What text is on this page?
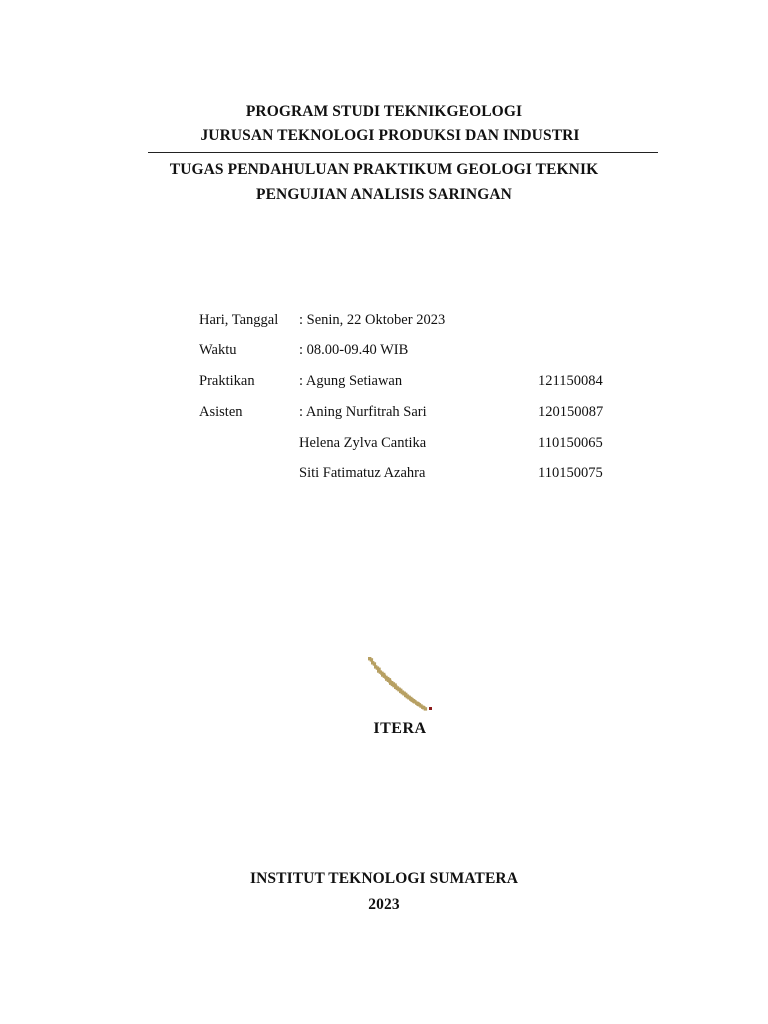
PROGRAM STUDI TEKNIKGEOLOGI
JURUSAN TEKNOLOGI PRODUKSI DAN INDUSTRI
TUGAS PENDAHULUAN PRAKTIKUM GEOLOGI TEKNIK
PENGUJIAN ANALISIS SARINGAN
Hari, Tanggal : Senin, 22 Oktober 2023
Waktu	: 08.00-09.40 WIB
Praktikan	: Agung Setiawan	121150084
Asisten	: Aning Nurfitrah Sari	120150087
Helena Zylva Cantika	110150065
Siti Fatimatuz Azahra	110150075
ITERA
INSTITUT TEKNOLOGI SUMATERA
2023
